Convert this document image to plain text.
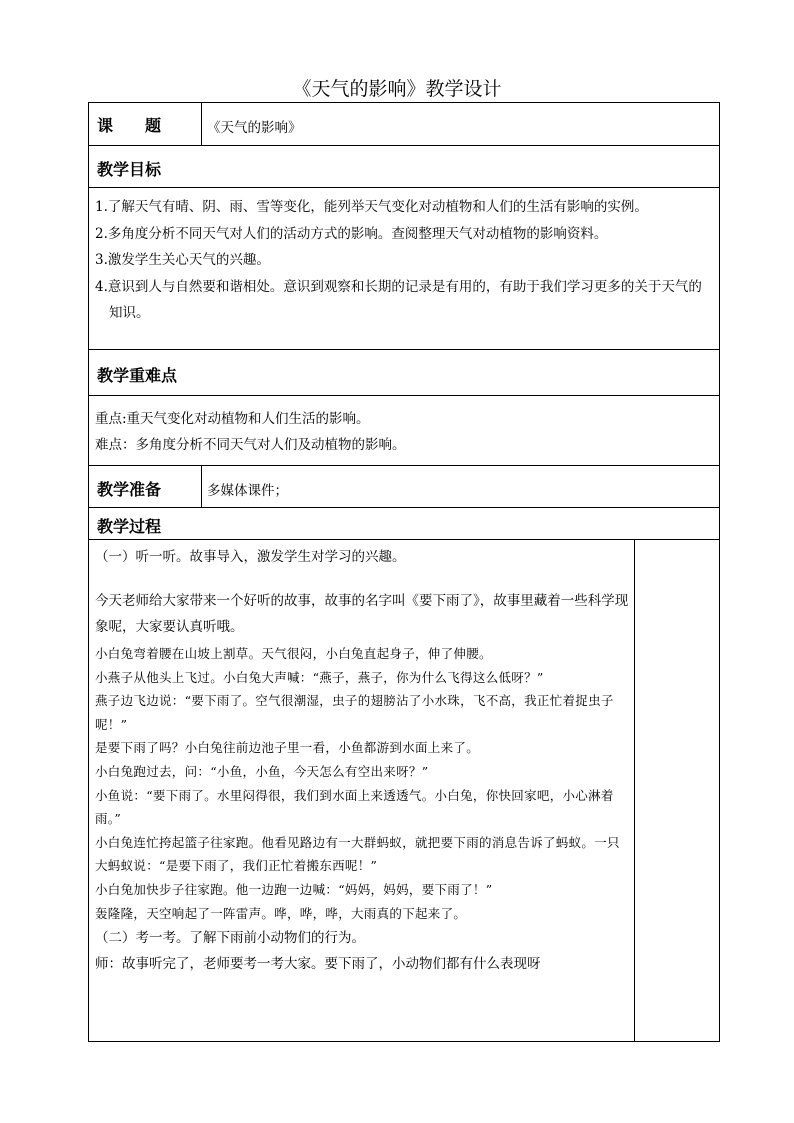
《天气的影响》教学设计
课　　题	《天气的影响》
教学目标

1.了解天气有晴、阴、雨、雪等变化，能列举天气变化对动植物和人们的生活有影响的实例。

2.多角度分析不同天气对人们的活动方式的影响。查阅整理天气对动植物的影响资料。

3.激发学生关心天气的兴趣。

4.意识到人与自然要和谐相处。意识到观察和长期的记录是有用的，有助于我们学习更多的关于天气的知识。

教学重难点

重点:重天气变化对动植物和人们生活的影响。

难点：多角度分析不同天气对人们及动植物的影响。

教学准备	多媒体课件；
教学过程

（一）听一听。故事导入，激发学生对学习的兴趣。

今天老师给大家带来一个好听的故事，故事的名字叫《要下雨了》，故事里藏着一些科学现象呢，大家要认真听哦。

小白兔弯着腰在山坡上割草。天气很闷，小白兔直起身子，伸了伸腰。

小燕子从他头上飞过。小白兔大声喊：“燕子，燕子，你为什么飞得这么低呀？”

燕子边飞边说：“要下雨了。空气很潮湿，虫子的翅膀沾了小水珠，飞不高，我正忙着捉虫子呢！”

是要下雨了吗？小白兔往前边池子里一看，小鱼都游到水面上来了。

小白兔跑过去，问：“小鱼，小鱼，今天怎么有空出来呀？”

小鱼说：“要下雨了。水里闷得很，我们到水面上来透透气。小白兔，你快回家吧，小心淋着雨。”

小白兔连忙挎起篮子往家跑。他看见路边有一大群蚂蚁，就把要下雨的消息告诉了蚂蚁。一只大蚂蚁说：“是要下雨了，我们正忙着搬东西呢！”

小白兔加快步子往家跑。他一边跑一边喊：“妈妈，妈妈，要下雨了！”

轰隆隆，天空响起了一阵雷声。哗，哗，哗，大雨真的下起来了。

（二）考一考。了解下雨前小动物们的行为。

师：故事听完了，老师要考一考大家。要下雨了，小动物们都有什么表现呀
